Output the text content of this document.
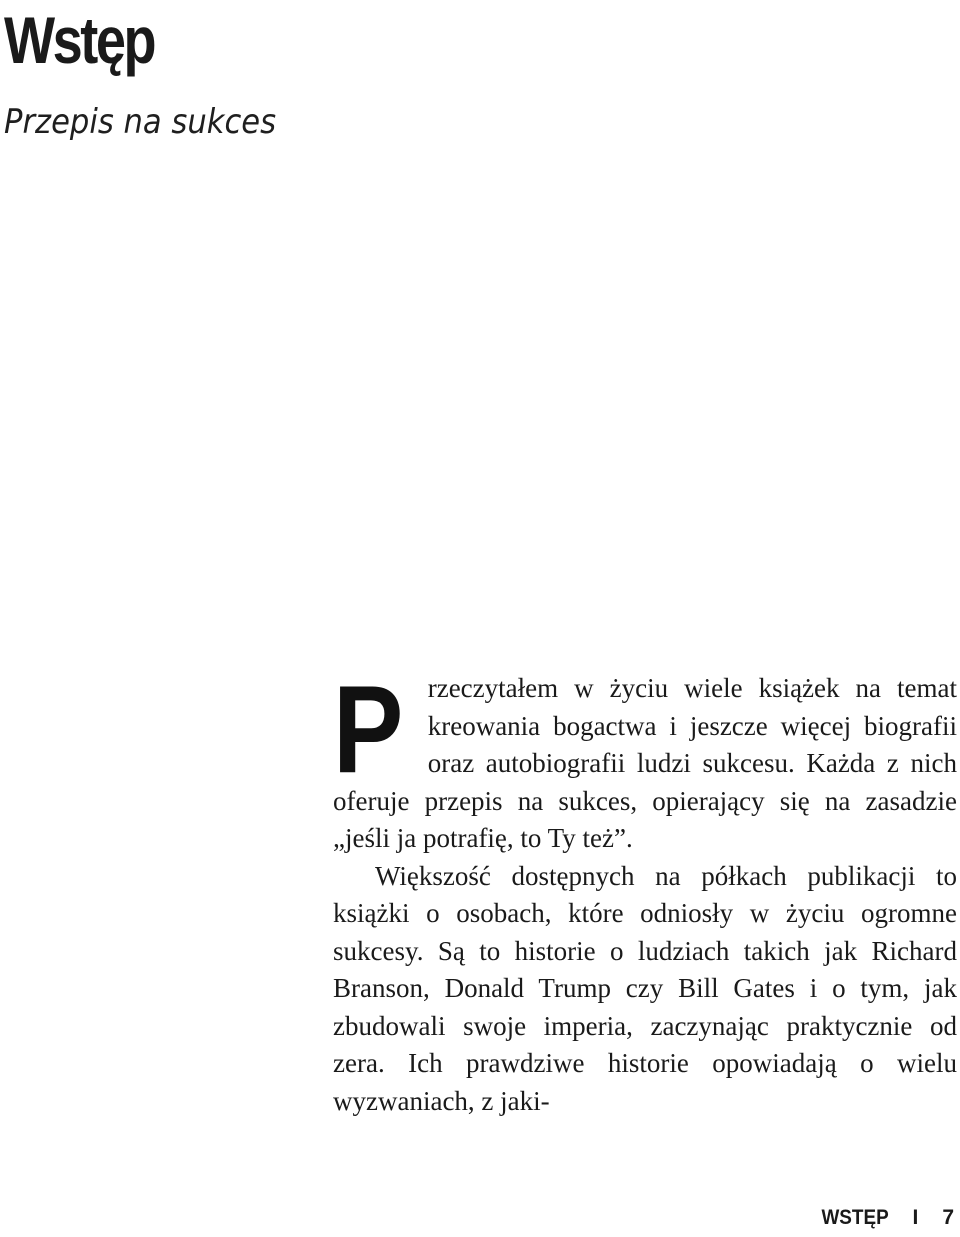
Wstęp
Przepis na sukces

Przeczytałem w życiu wiele książek na temat kreowania bogactwa i jeszcze więcej biografii oraz autobiografii ludzi sukcesu. Każda z nich oferuje przepis na sukces, opierający się na zasadzie „jeśli ja potrafię, to Ty też”.

Większość dostępnych na półkach publikacji to książki o osobach, które odniosły w życiu ogromne sukcesy. Są to historie o ludziach takich jak Richard Branson, Donald Trump czy Bill Gates i o tym, jak zbudowali swoje imperia, zaczynając praktycznie od zera. Ich prawdziwe historie opowiadają o wielu wyzwaniach, z jaki-

WSTĘP I 7
